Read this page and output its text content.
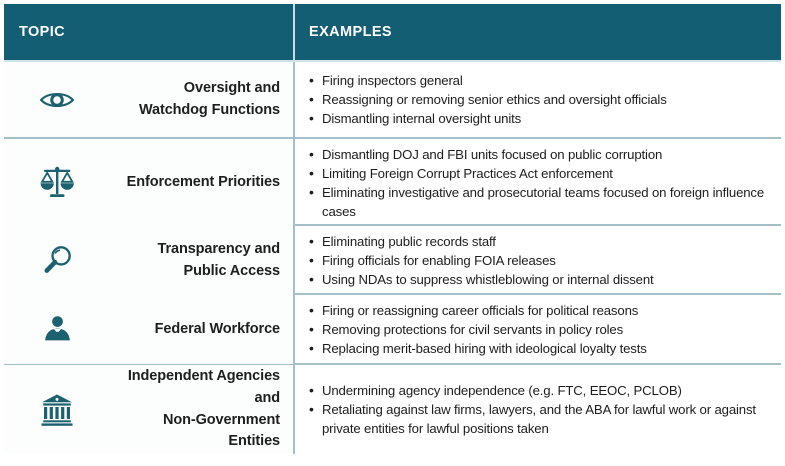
TOPIC	EXAMPLES
Oversight and
Watchdog Functions
• Firing inspectors general
• Reassigning or removing senior ethics and oversight officials
• Dismantling internal oversight units
Enforcement Priorities
• Dismantling DOJ and FBI units focused on public corruption
• Limiting Foreign Corrupt Practices Act enforcement
• Eliminating investigative and prosecutorial teams focused on foreign influence cases
Transparency and
Public Access
• Eliminating public records staff
• Firing officials for enabling FOIA releases
• Using NDAs to suppress whistleblowing or internal dissent
Federal Workforce
• Firing or reassigning career officials for political reasons
• Removing protections for civil servants in policy roles
• Replacing merit-based hiring with ideological loyalty tests
Independent Agencies and
Non-Government Entities
• Undermining agency independence (e.g. FTC, EEOC, PCLOB)
• Retaliating against law firms, lawyers, and the ABA for lawful work or against private entities for lawful positions taken
